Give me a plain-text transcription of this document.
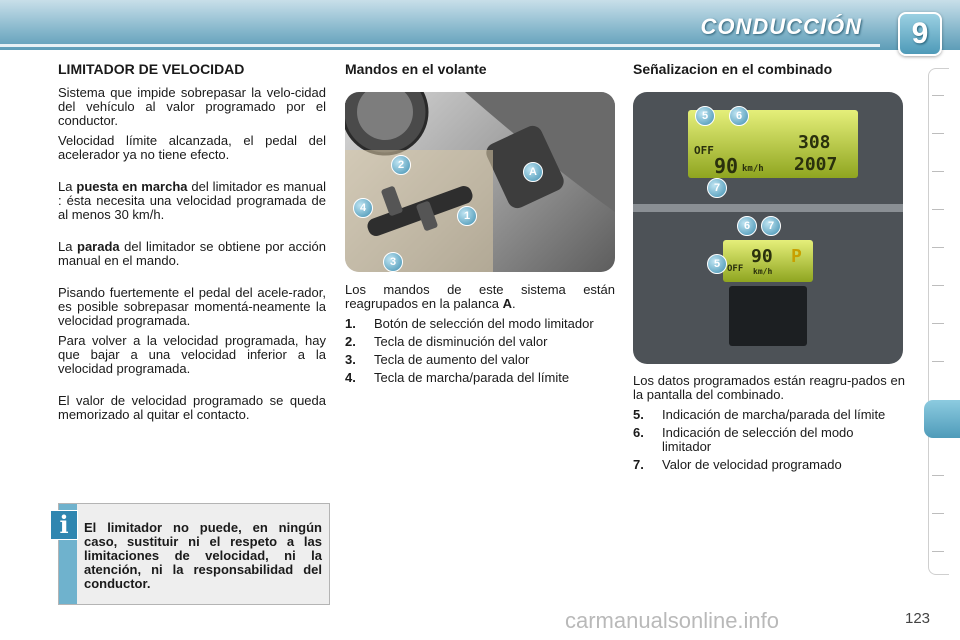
CONDUCCIÓN	9
LIMITADOR DE VELOCIDAD

Sistema que impide sobrepasar la velo-cidad del vehículo al valor programado por el conductor.

Velocidad límite alcanzada, el pedal del acelerador ya no tiene efecto.

La puesta en marcha del limitador es manual : ésta necesita una velocidad programada de al menos 30 km/h.

La parada del limitador se obtiene por acción manual en el mando.

Pisando fuertemente el pedal del acele-rador, es posible sobrepasar momentá-neamente la velocidad programada.

Para volver a la velocidad programada, hay que bajar a una velocidad inferior a la velocidad programada.

El valor de velocidad programado se queda memorizado al quitar el contacto.

Mandos en el volante
2
4
1
3
A

Los mandos de este sistema están reagrupados en la palanca A.

1.	Botón de selección del modo limitador
2.	Tecla de disminución del valor
3.	Tecla de aumento del valor
4.	Tecla de marcha/parada del límite
Señalizacion en el combinado
OFF
90 km/h
308
2007
OFF
90
km/h
P
5	6
7
6	7
5

Los datos programados están reagru-pados en la pantalla del combinado.

5.	Indicación de marcha/parada del límite
6.	Indicación de selección del modo limitador
7.	Valor de velocidad programado

El limitador no puede, en ningún caso, sustituir ni el respeto a las limitaciones de velocidad, ni la atención, ni la responsabilidad del conductor.

i
carmanualsonline.info	123
